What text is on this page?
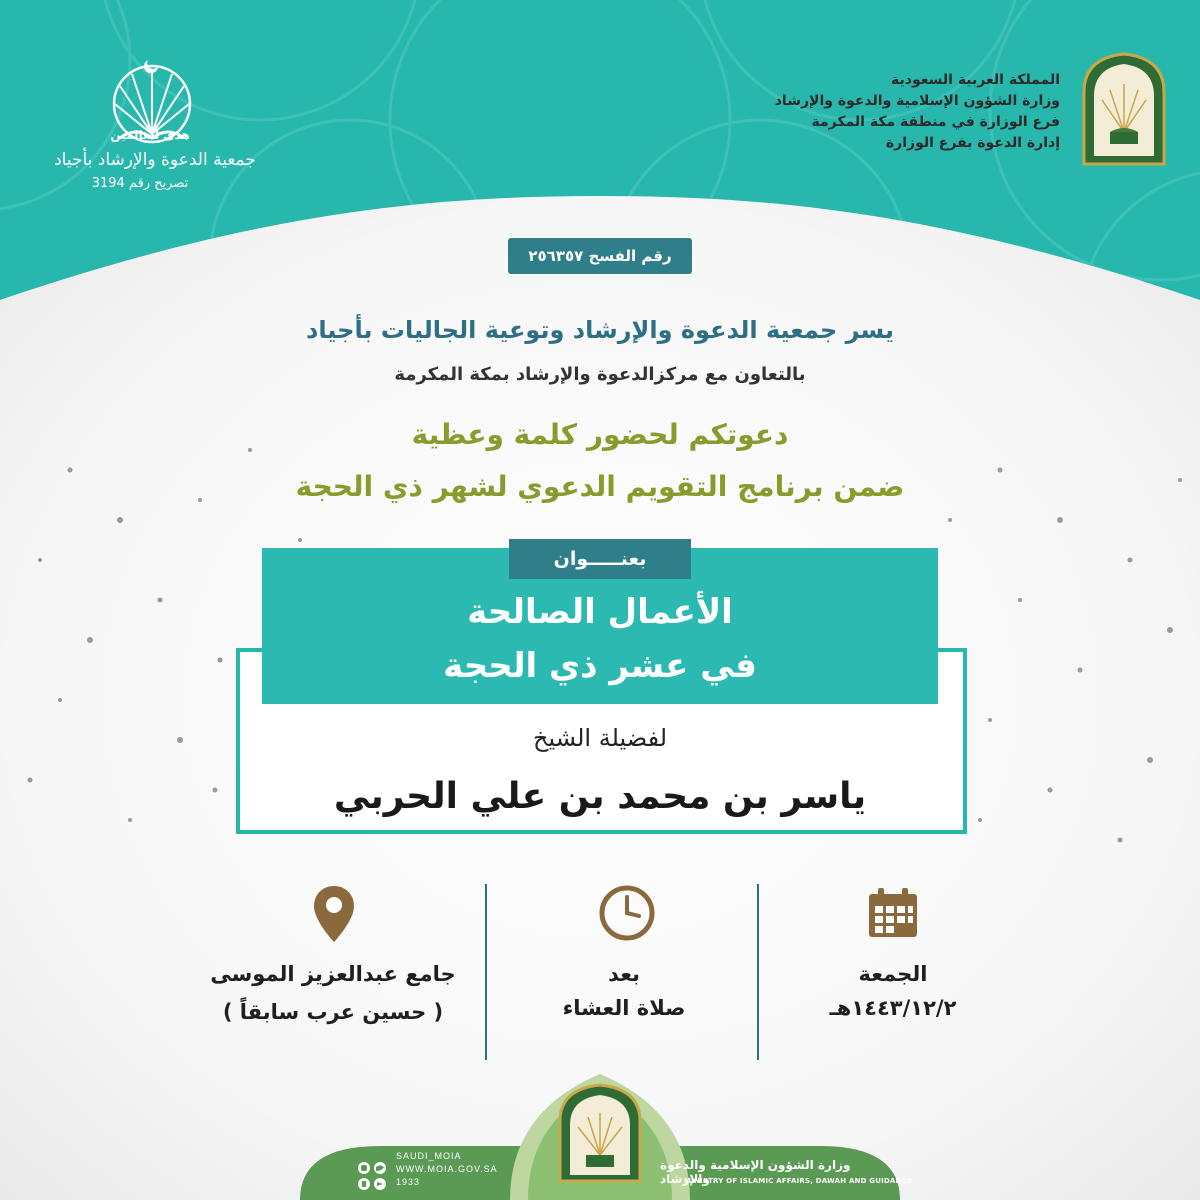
المملكة العربية السعودية
وزارة الشؤون الإسلامية والدعوة والإرشاد
فرع الوزارة في منطقة مكة المكرمة
إدارة الدعوة بفرع الوزارة
هدى للعالمين
جمعية الدعوة والإرشاد بأجياد
تصريح رقم 3194
رقم الفسح ٢٥٦٣٥٧
يسر جمعية الدعوة والإرشاد وتوعية الجاليات بأجياد
بالتعاون مع مركزالدعوة والإرشاد بمكة المكرمة
دعوتكم لحضور كلمة وعظية
ضمن برنامج التقويم الدعوي لشهر ذي الحجة
بعنـــــوان
الأعمال الصالحة
في عشر ذي الحجة
لفضيلة الشيخ
ياسر بن محمد بن علي الحربي
الجمعة
١٤٤٣/١٢/٢هـ
بعد
صلاة العشاء
جامع عبدالعزيز الموسى
( حسين عرب سابقاً )
وزارة الشؤون الإسلامية والدعوة والإرشاد
MINISTRY OF ISLAMIC AFFAIRS, DAWAH AND GUIDANCE
SAUDI_MOIA
WWW.MOIA.GOV.SA
1933
